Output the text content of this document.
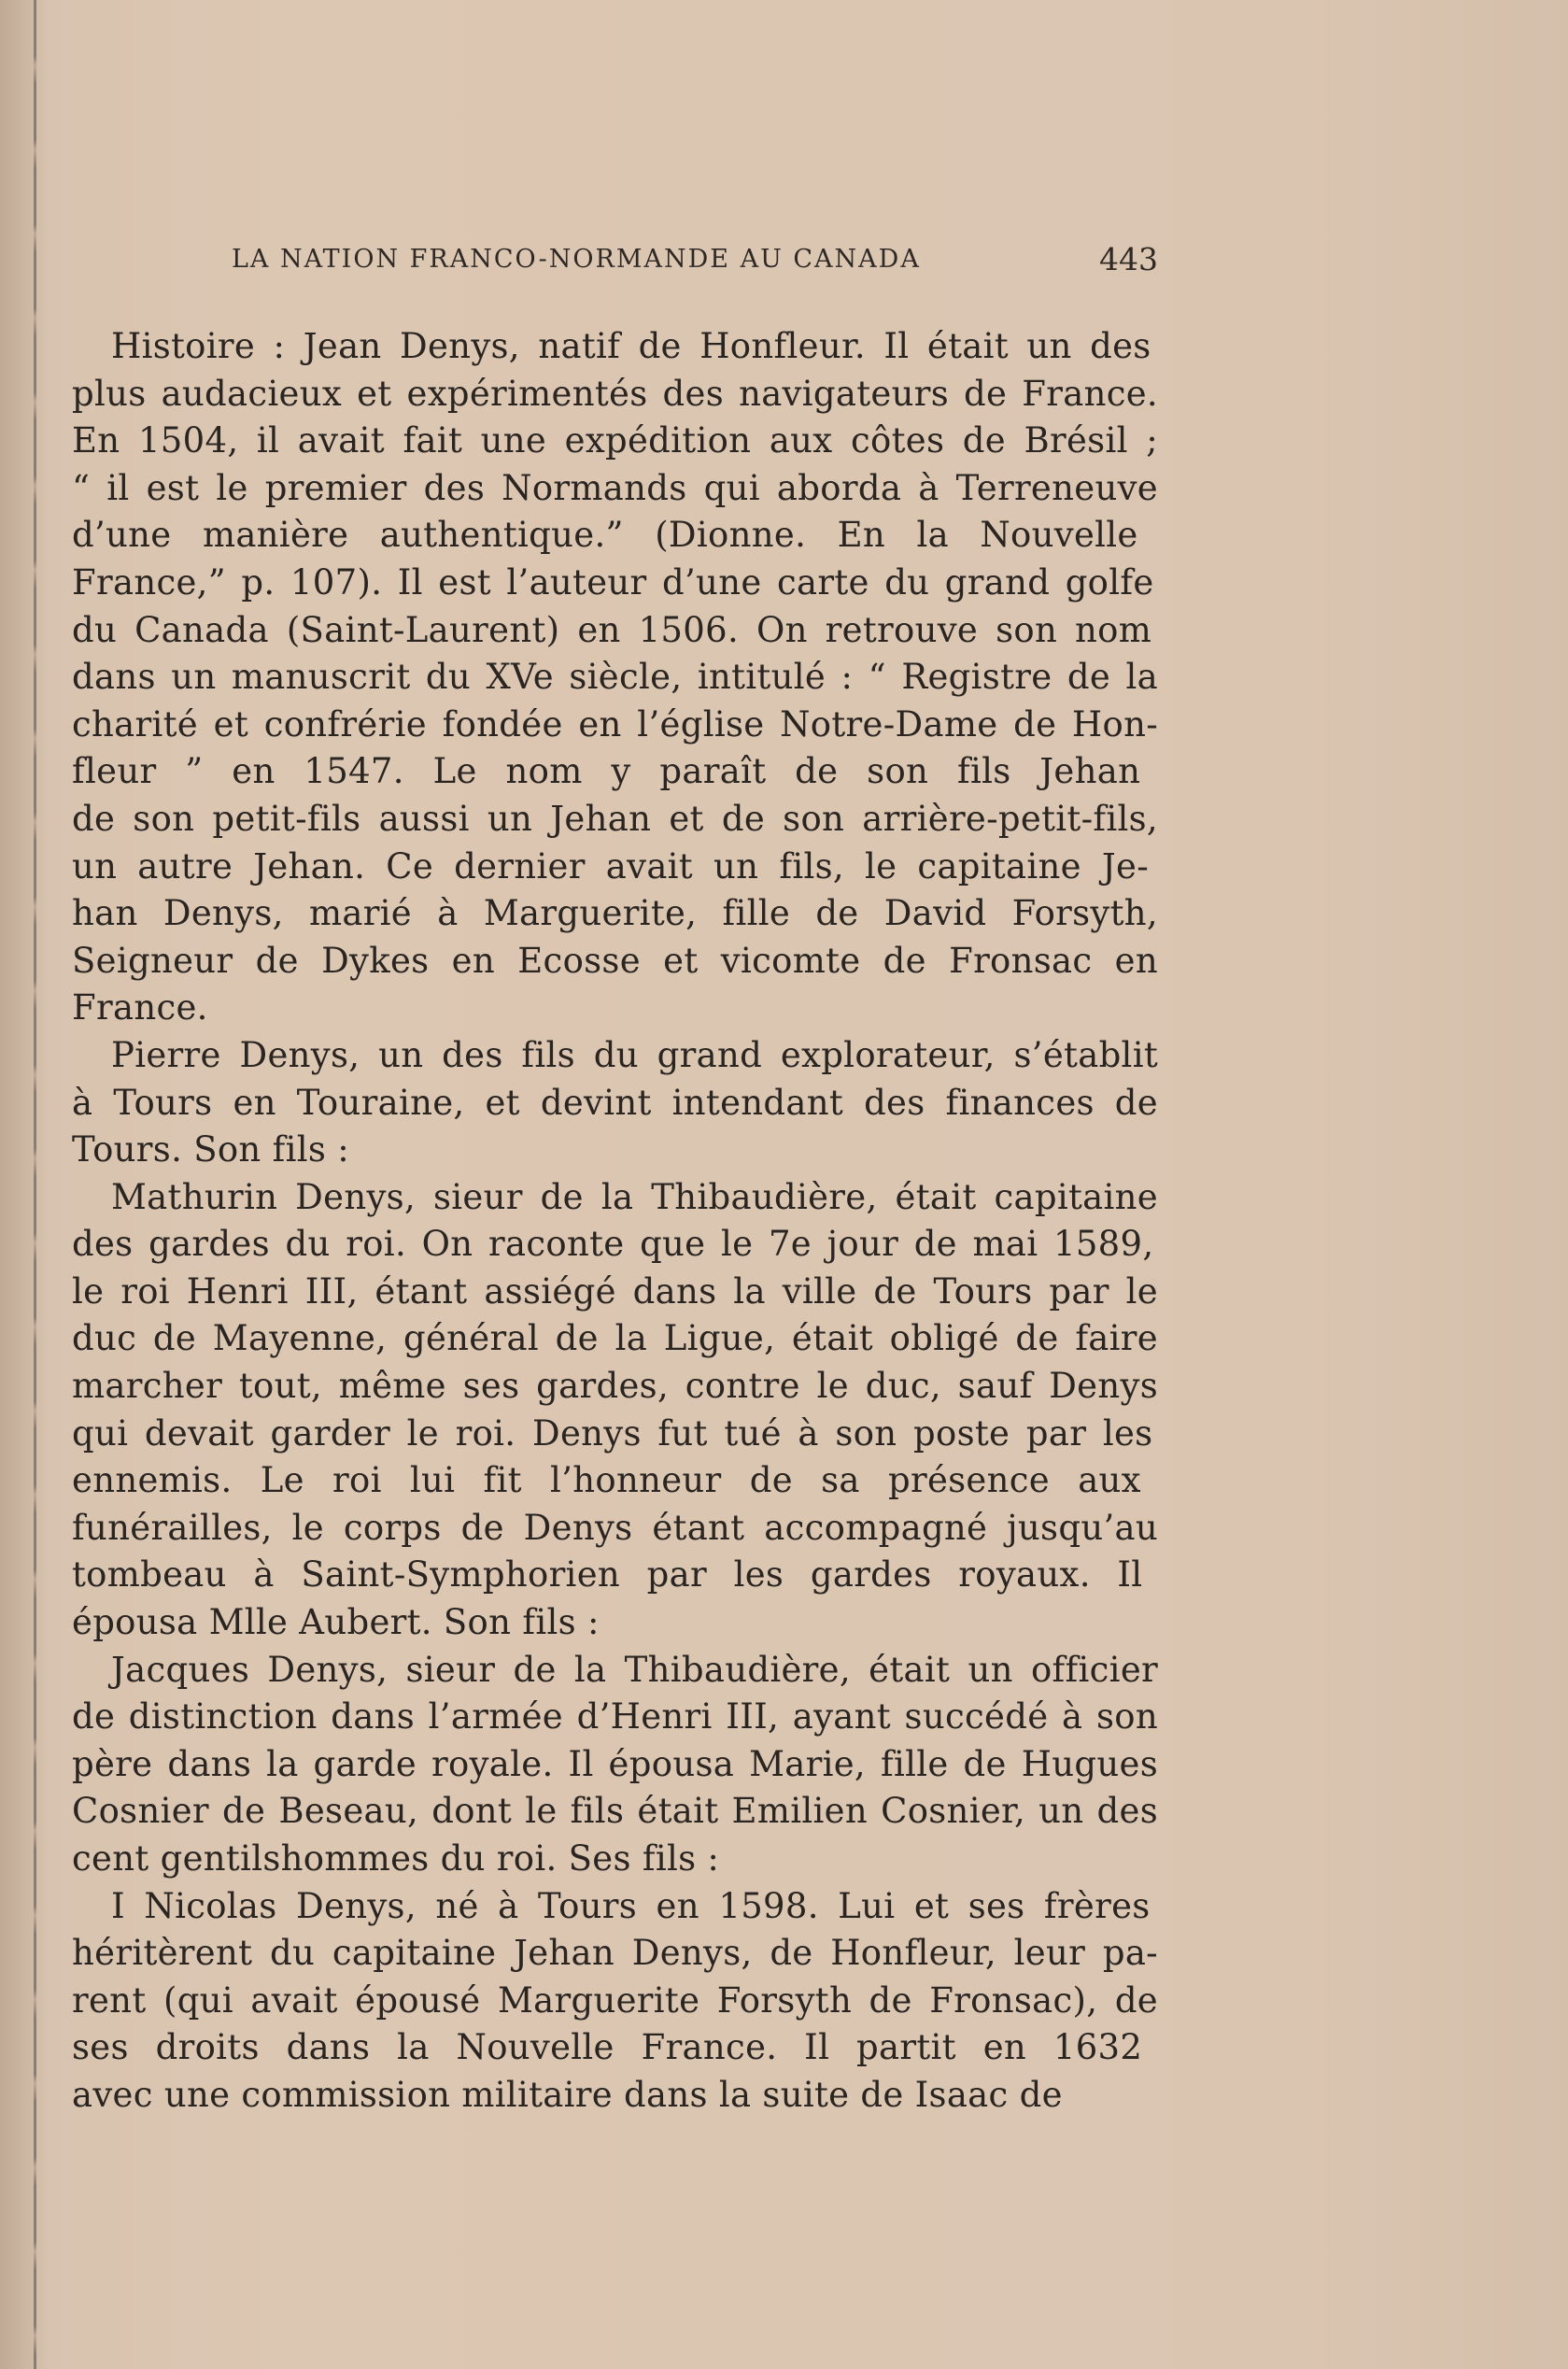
LA NATION FRANCO-NORMANDE AU CANADA	443
Histoire : Jean Denys, natif de Honfleur. Il était un des
plus audacieux et expérimentés des navigateurs de France.
En 1504, il avait fait une expédition aux côtes de Brésil ;
“ il est le premier des Normands qui aborda à Terreneuve
d’une manière authentique.” (Dionne. En la Nouvelle
France,” p. 107). Il est l’auteur d’une carte du grand golfe
du Canada (Saint-Laurent) en 1506. On retrouve son nom
dans un manuscrit du XVe siècle, intitulé : “ Registre de la
charité et confrérie fondée en l’église Notre-Dame de Hon-
fleur ” en 1547. Le nom y paraît de son fils Jehan
de son petit-fils aussi un Jehan et de son arrière-petit-fils,
un autre Jehan. Ce dernier avait un fils, le capitaine Je-
han Denys, marié à Marguerite, fille de David Forsyth,
Seigneur de Dykes en Ecosse et vicomte de Fronsac en
France.
Pierre Denys, un des fils du grand explorateur, s’établit
à Tours en Touraine, et devint intendant des finances de
Tours. Son fils :
Mathurin Denys, sieur de la Thibaudière, était capitaine
des gardes du roi. On raconte que le 7e jour de mai 1589,
le roi Henri III, étant assiégé dans la ville de Tours par le
duc de Mayenne, général de la Ligue, était obligé de faire
marcher tout, même ses gardes, contre le duc, sauf Denys
qui devait garder le roi. Denys fut tué à son poste par les
ennemis. Le roi lui fit l’honneur de sa présence aux
funérailles, le corps de Denys étant accompagné jusqu’au
tombeau à Saint-Symphorien par les gardes royaux. Il
épousa Mlle Aubert. Son fils :
Jacques Denys, sieur de la Thibaudière, était un officier
de distinction dans l’armée d’Henri III, ayant succédé à son
père dans la garde royale. Il épousa Marie, fille de Hugues
Cosnier de Beseau, dont le fils était Emilien Cosnier, un des
cent gentilshommes du roi. Ses fils :
I Nicolas Denys, né à Tours en 1598. Lui et ses frères
héritèrent du capitaine Jehan Denys, de Honfleur, leur pa-
rent (qui avait épousé Marguerite Forsyth de Fronsac), de
ses droits dans la Nouvelle France. Il partit en 1632
avec une commission militaire dans la suite de Isaac de
